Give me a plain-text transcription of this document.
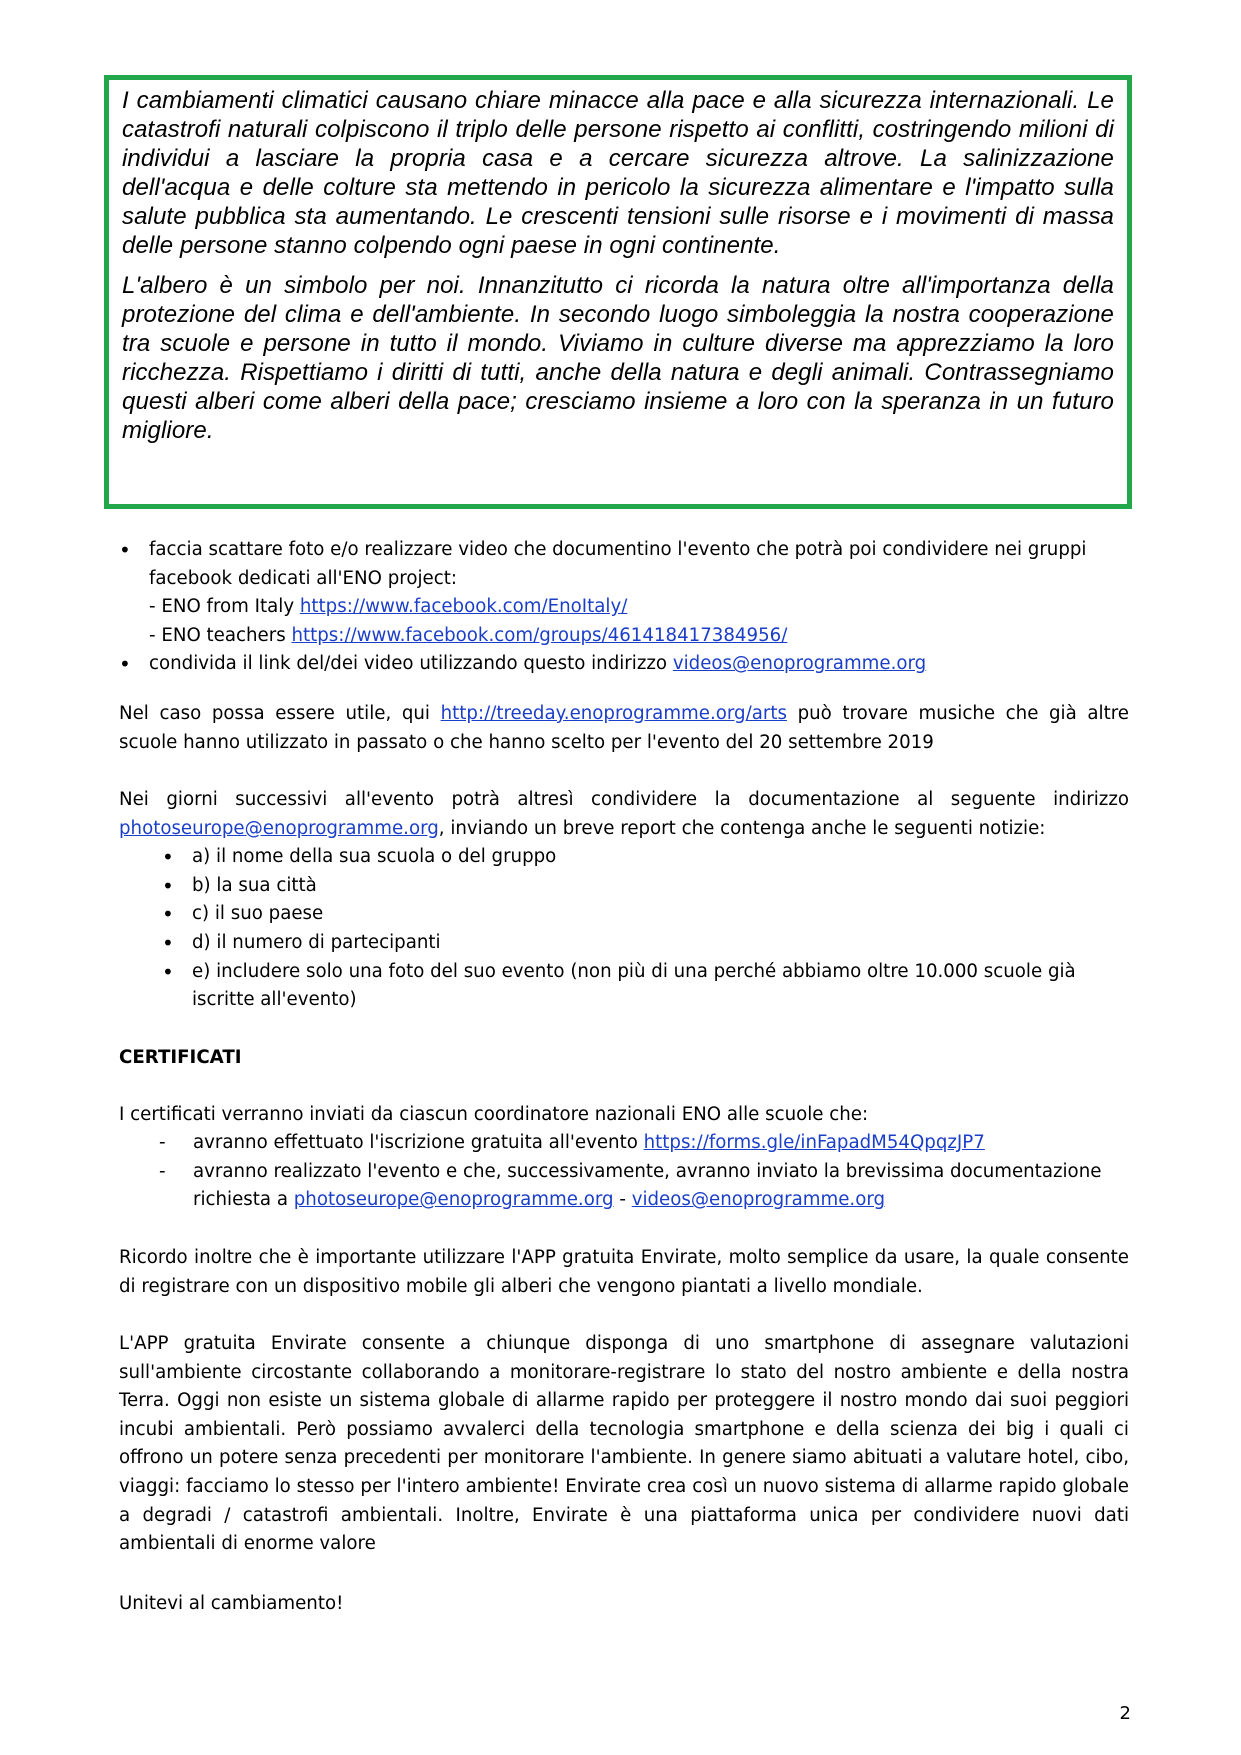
I cambiamenti climatici causano chiare minacce alla pace e alla sicurezza internazionali. Le catastrofi naturali colpiscono il triplo delle persone rispetto ai conflitti, costringendo milioni di individui a lasciare la propria casa e a cercare sicurezza altrove. La salinizzazione dell'acqua e delle colture sta mettendo in pericolo la sicurezza alimentare e l'impatto sulla salute pubblica sta aumentando. Le crescenti tensioni sulle risorse e i movimenti di massa delle persone stanno colpendo ogni paese in ogni continente.

L'albero è un simbolo per noi. Innanzitutto ci ricorda la natura oltre all'importanza della protezione del clima e dell'ambiente. In secondo luogo simboleggia la nostra cooperazione tra scuole e persone in tutto il mondo. Viviamo in culture diverse ma apprezziamo la loro ricchezza. Rispettiamo i diritti di tutti, anche della natura e degli animali. Contrassegniamo questi alberi come alberi della pace; cresciamo insieme a loro con la speranza in un futuro migliore.

• faccia scattare foto e/o realizzare video che documentino l'evento che potrà poi condividere nei gruppi facebook dedicati all'ENO project:
- ENO from Italy https://www.facebook.com/EnoItaly/
- ENO teachers https://www.facebook.com/groups/461418417384956/
• condivida il link del/dei video utilizzando questo indirizzo videos@enoprogramme.org

Nel caso possa essere utile, qui http://treeday.enoprogramme.org/arts può trovare musiche che già altre scuole hanno utilizzato in passato o che hanno scelto per l'evento del 20 settembre 2019

Nei giorni successivi all'evento potrà altresì condividere la documentazione al seguente indirizzo photoseurope@enoprogramme.org, inviando un breve report che contenga anche le seguenti notizie:

• a) il nome della sua scuola o del gruppo
• b) la sua città
• c) il suo paese
• d) il numero di partecipanti
• e) includere solo una foto del suo evento (non più di una perché abbiamo oltre 10.000 scuole già iscritte all'evento)

CERTIFICATI

I certificati verranno inviati da ciascun coordinatore nazionali ENO alle scuole che:

- avranno effettuato l'iscrizione gratuita all'evento https://forms.gle/inFapadM54QpqzJP7
- avranno realizzato l'evento e che, successivamente, avranno inviato la brevissima documentazione richiesta a photoseurope@enoprogramme.org - videos@enoprogramme.org

Ricordo inoltre che è importante utilizzare l'APP gratuita Envirate, molto semplice da usare, la quale consente di registrare con un dispositivo mobile gli alberi che vengono piantati a livello mondiale.

L'APP gratuita Envirate consente a chiunque disponga di uno smartphone di assegnare valutazioni sull'ambiente circostante collaborando a monitorare-registrare lo stato del nostro ambiente e della nostra Terra. Oggi non esiste un sistema globale di allarme rapido per proteggere il nostro mondo dai suoi peggiori incubi ambientali. Però possiamo avvalerci della tecnologia smartphone e della scienza dei big i quali ci offrono un potere senza precedenti per monitorare l'ambiente. In genere siamo abituati a valutare hotel, cibo, viaggi: facciamo lo stesso per l'intero ambiente! Envirate crea così un nuovo sistema di allarme rapido globale a degradi / catastrofi ambientali. Inoltre, Envirate è una piattaforma unica per condividere nuovi dati ambientali di enorme valore

Unitevi al cambiamento!

2
